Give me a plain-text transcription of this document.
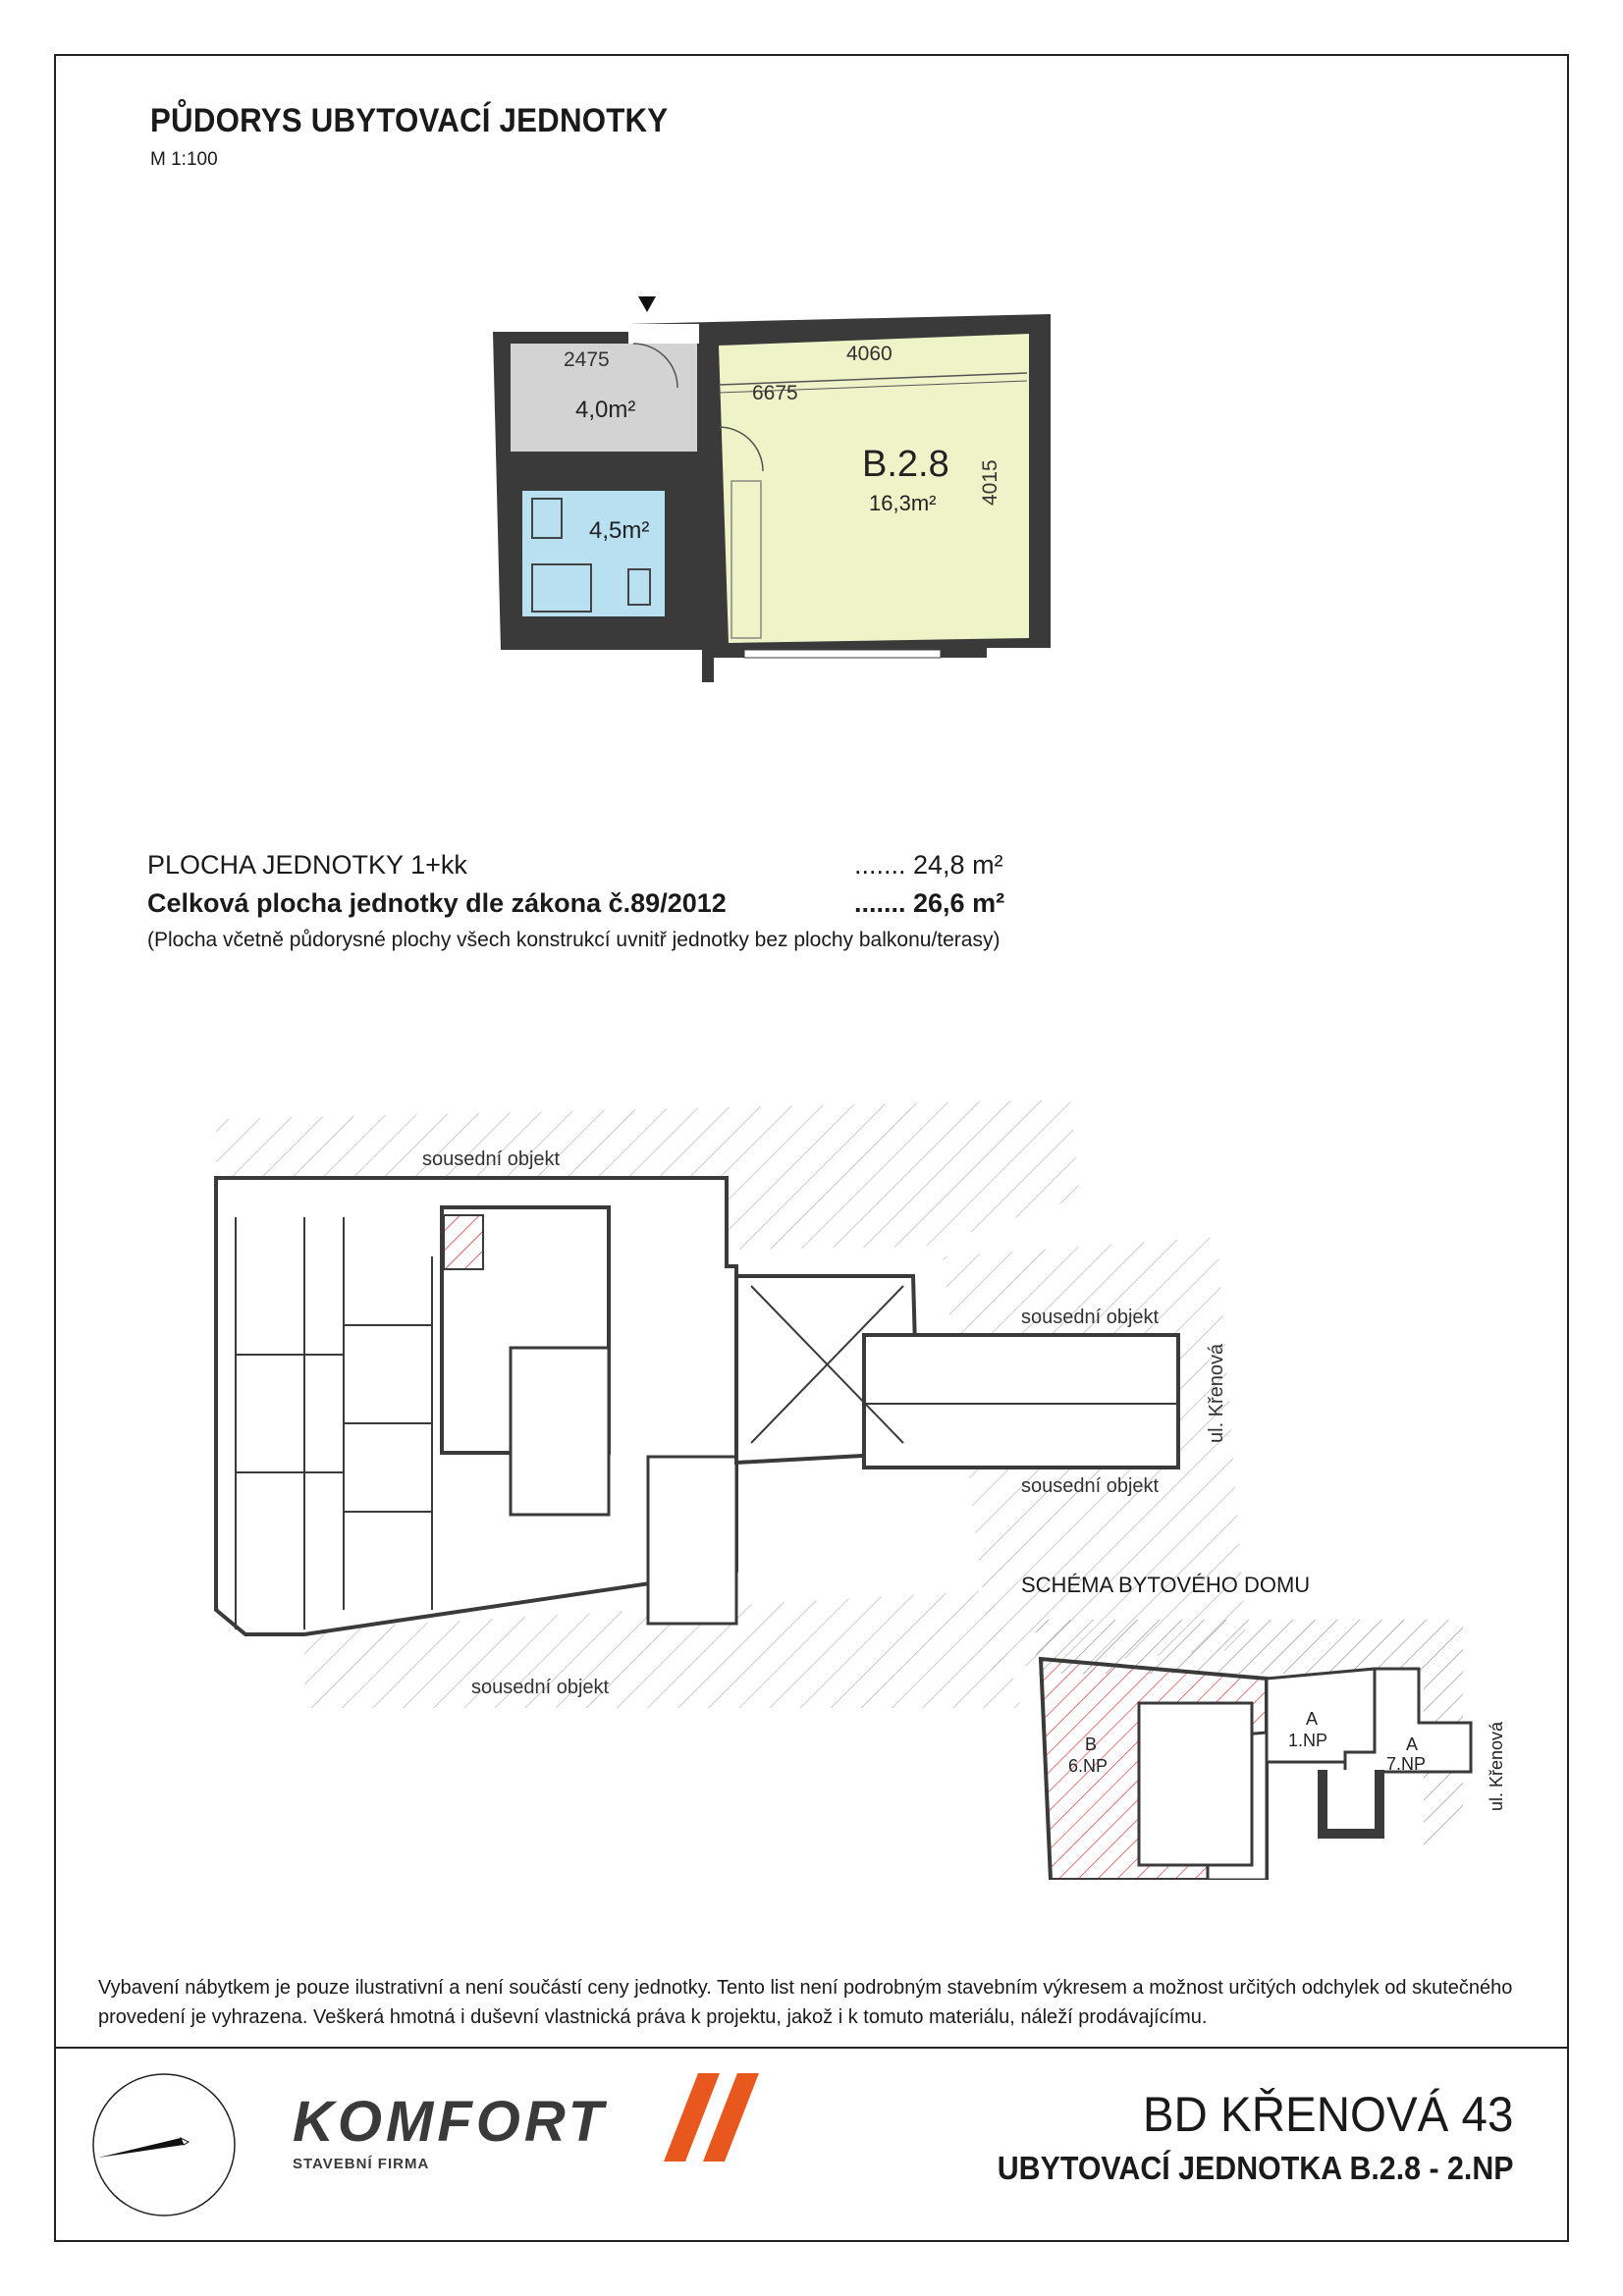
PŮDORYS UBYTOVACÍ JEDNOTKY
M 1:100
2475	4060
6675
4015
4,0m²
4,5m²
B.2.8
16,3m²
PLOCHA JEDNOTKY 1+kk	....... 24,8 m²
Celková plocha jednotky dle zákona č.89/2012	....... 26,6 m²
(Plocha včetně půdorysné plochy všech konstrukcí uvnitř jednotky bez plochy balkonu/terasy)
sousední objekt
sousední objekt
sousední objekt
sousední objekt
ul. Křenová
SCHÉMA BYTOVÉHO DOMU
B
6.NP
A
1.NP	A
7.NP	ul. Křenová
Vybavení nábytkem je pouze ilustrativní a není součástí ceny jednotky. Tento list není podrobným stavebním výkresem a možnost určitých odchylek od skutečného provedení je vyhrazena. Veškerá hmotná i duševní vlastnická práva k projektu, jakož i k tomuto materiálu, náleží prodávajícímu.
KOMFORT
STAVEBNÍ FIRMA
BD KŘENOVÁ 43
UBYTOVACÍ JEDNOTKA B.2.8 - 2.NP
